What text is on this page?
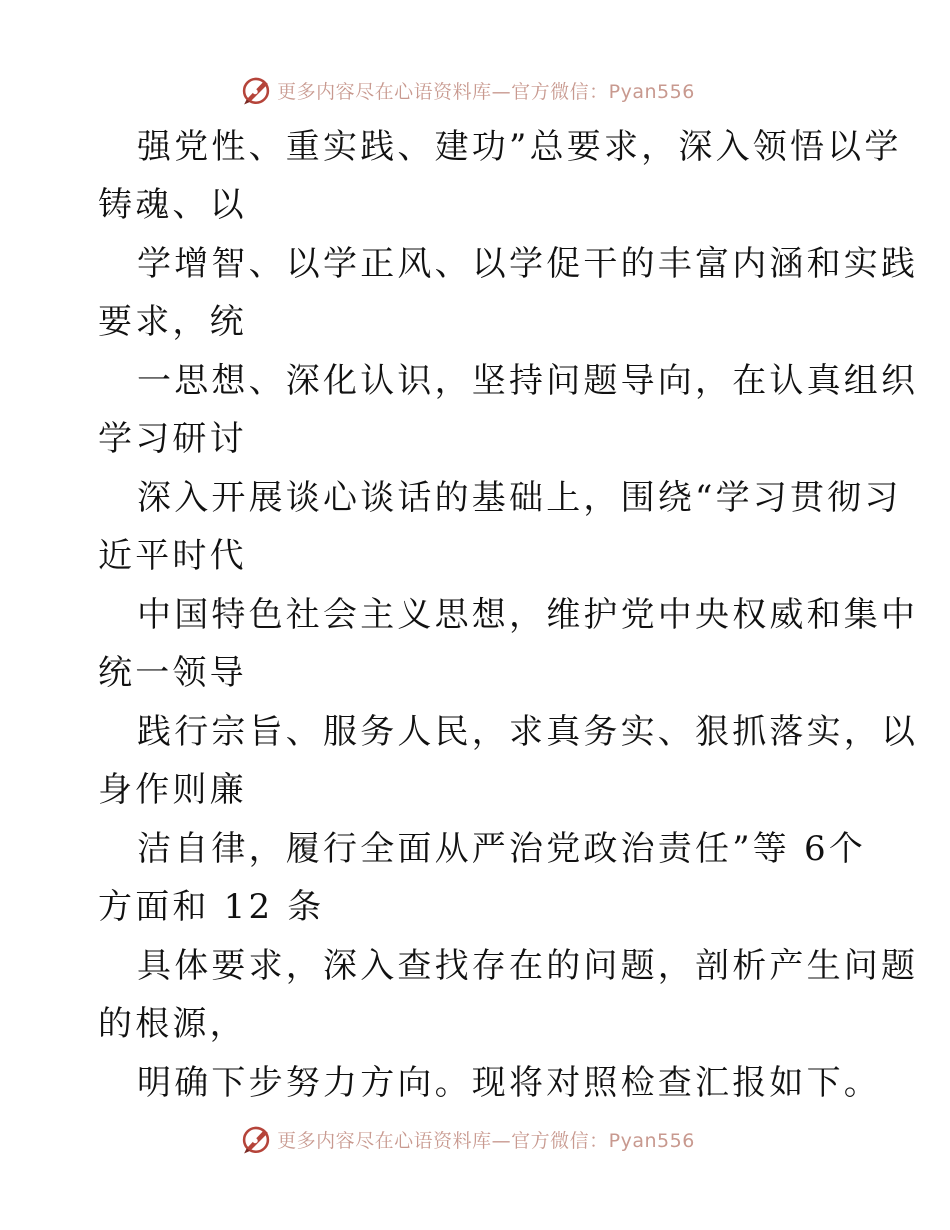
更多内容尽在心语资料库—官方微信：Pyan556
强党性、重实践、建功”总要求，深入领悟以学
铸魂、以
学增智、以学正风、以学促干的丰富内涵和实践
要求，统
一思想、深化认识，坚持问题导向，在认真组织
学习研讨
深入开展谈心谈话的基础上，围绕“学习贯彻习
近平时代
中国特色社会主义思想，维护党中央权威和集中
统一领导
践行宗旨、服务人民，求真务实、狠抓落实，以
身作则廉
洁自律，履行全面从严治党政治责任”等 6个
方面和 12 条
具体要求，深入查找存在的问题，剖析产生问题
的根源，
明确下步努力方向。现将对照检查汇报如下。
更多内容尽在心语资料库—官方微信：Pyan556
